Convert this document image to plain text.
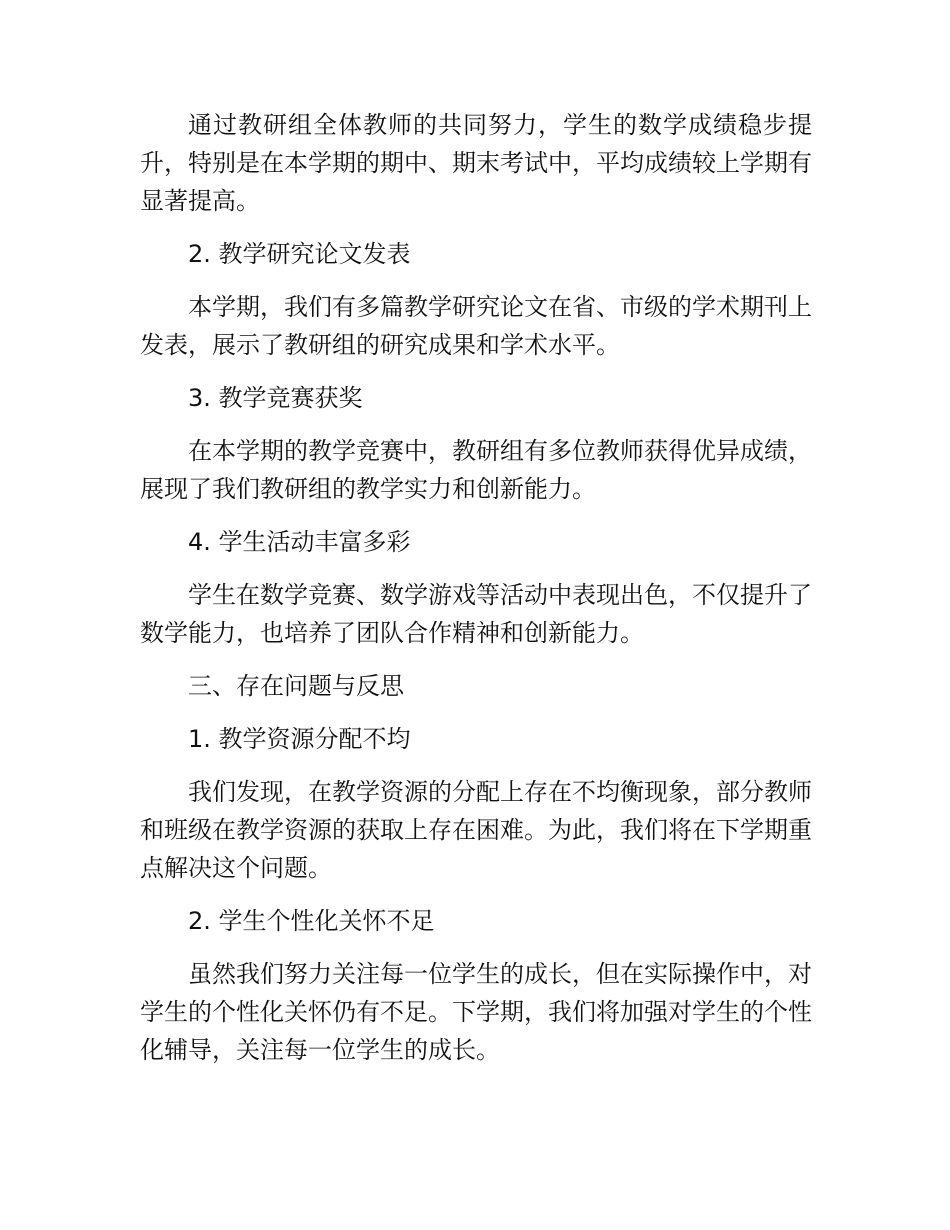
通过教研组全体教师的共同努力，学生的数学成绩稳步提升，特别是在本学期的期中、期末考试中，平均成绩较上学期有显著提高。

2. 教学研究论文发表

本学期，我们有多篇教学研究论文在省、市级的学术期刊上发表，展示了教研组的研究成果和学术水平。

3. 教学竞赛获奖

在本学期的教学竞赛中，教研组有多位教师获得优异成绩，展现了我们教研组的教学实力和创新能力。

4. 学生活动丰富多彩

学生在数学竞赛、数学游戏等活动中表现出色，不仅提升了数学能力，也培养了团队合作精神和创新能力。

三、存在问题与反思

1. 教学资源分配不均

我们发现，在教学资源的分配上存在不均衡现象，部分教师和班级在教学资源的获取上存在困难。为此，我们将在下学期重点解决这个问题。

2. 学生个性化关怀不足

虽然我们努力关注每一位学生的成长，但在实际操作中，对学生的个性化关怀仍有不足。下学期，我们将加强对学生的个性化辅导，关注每一位学生的成长。
